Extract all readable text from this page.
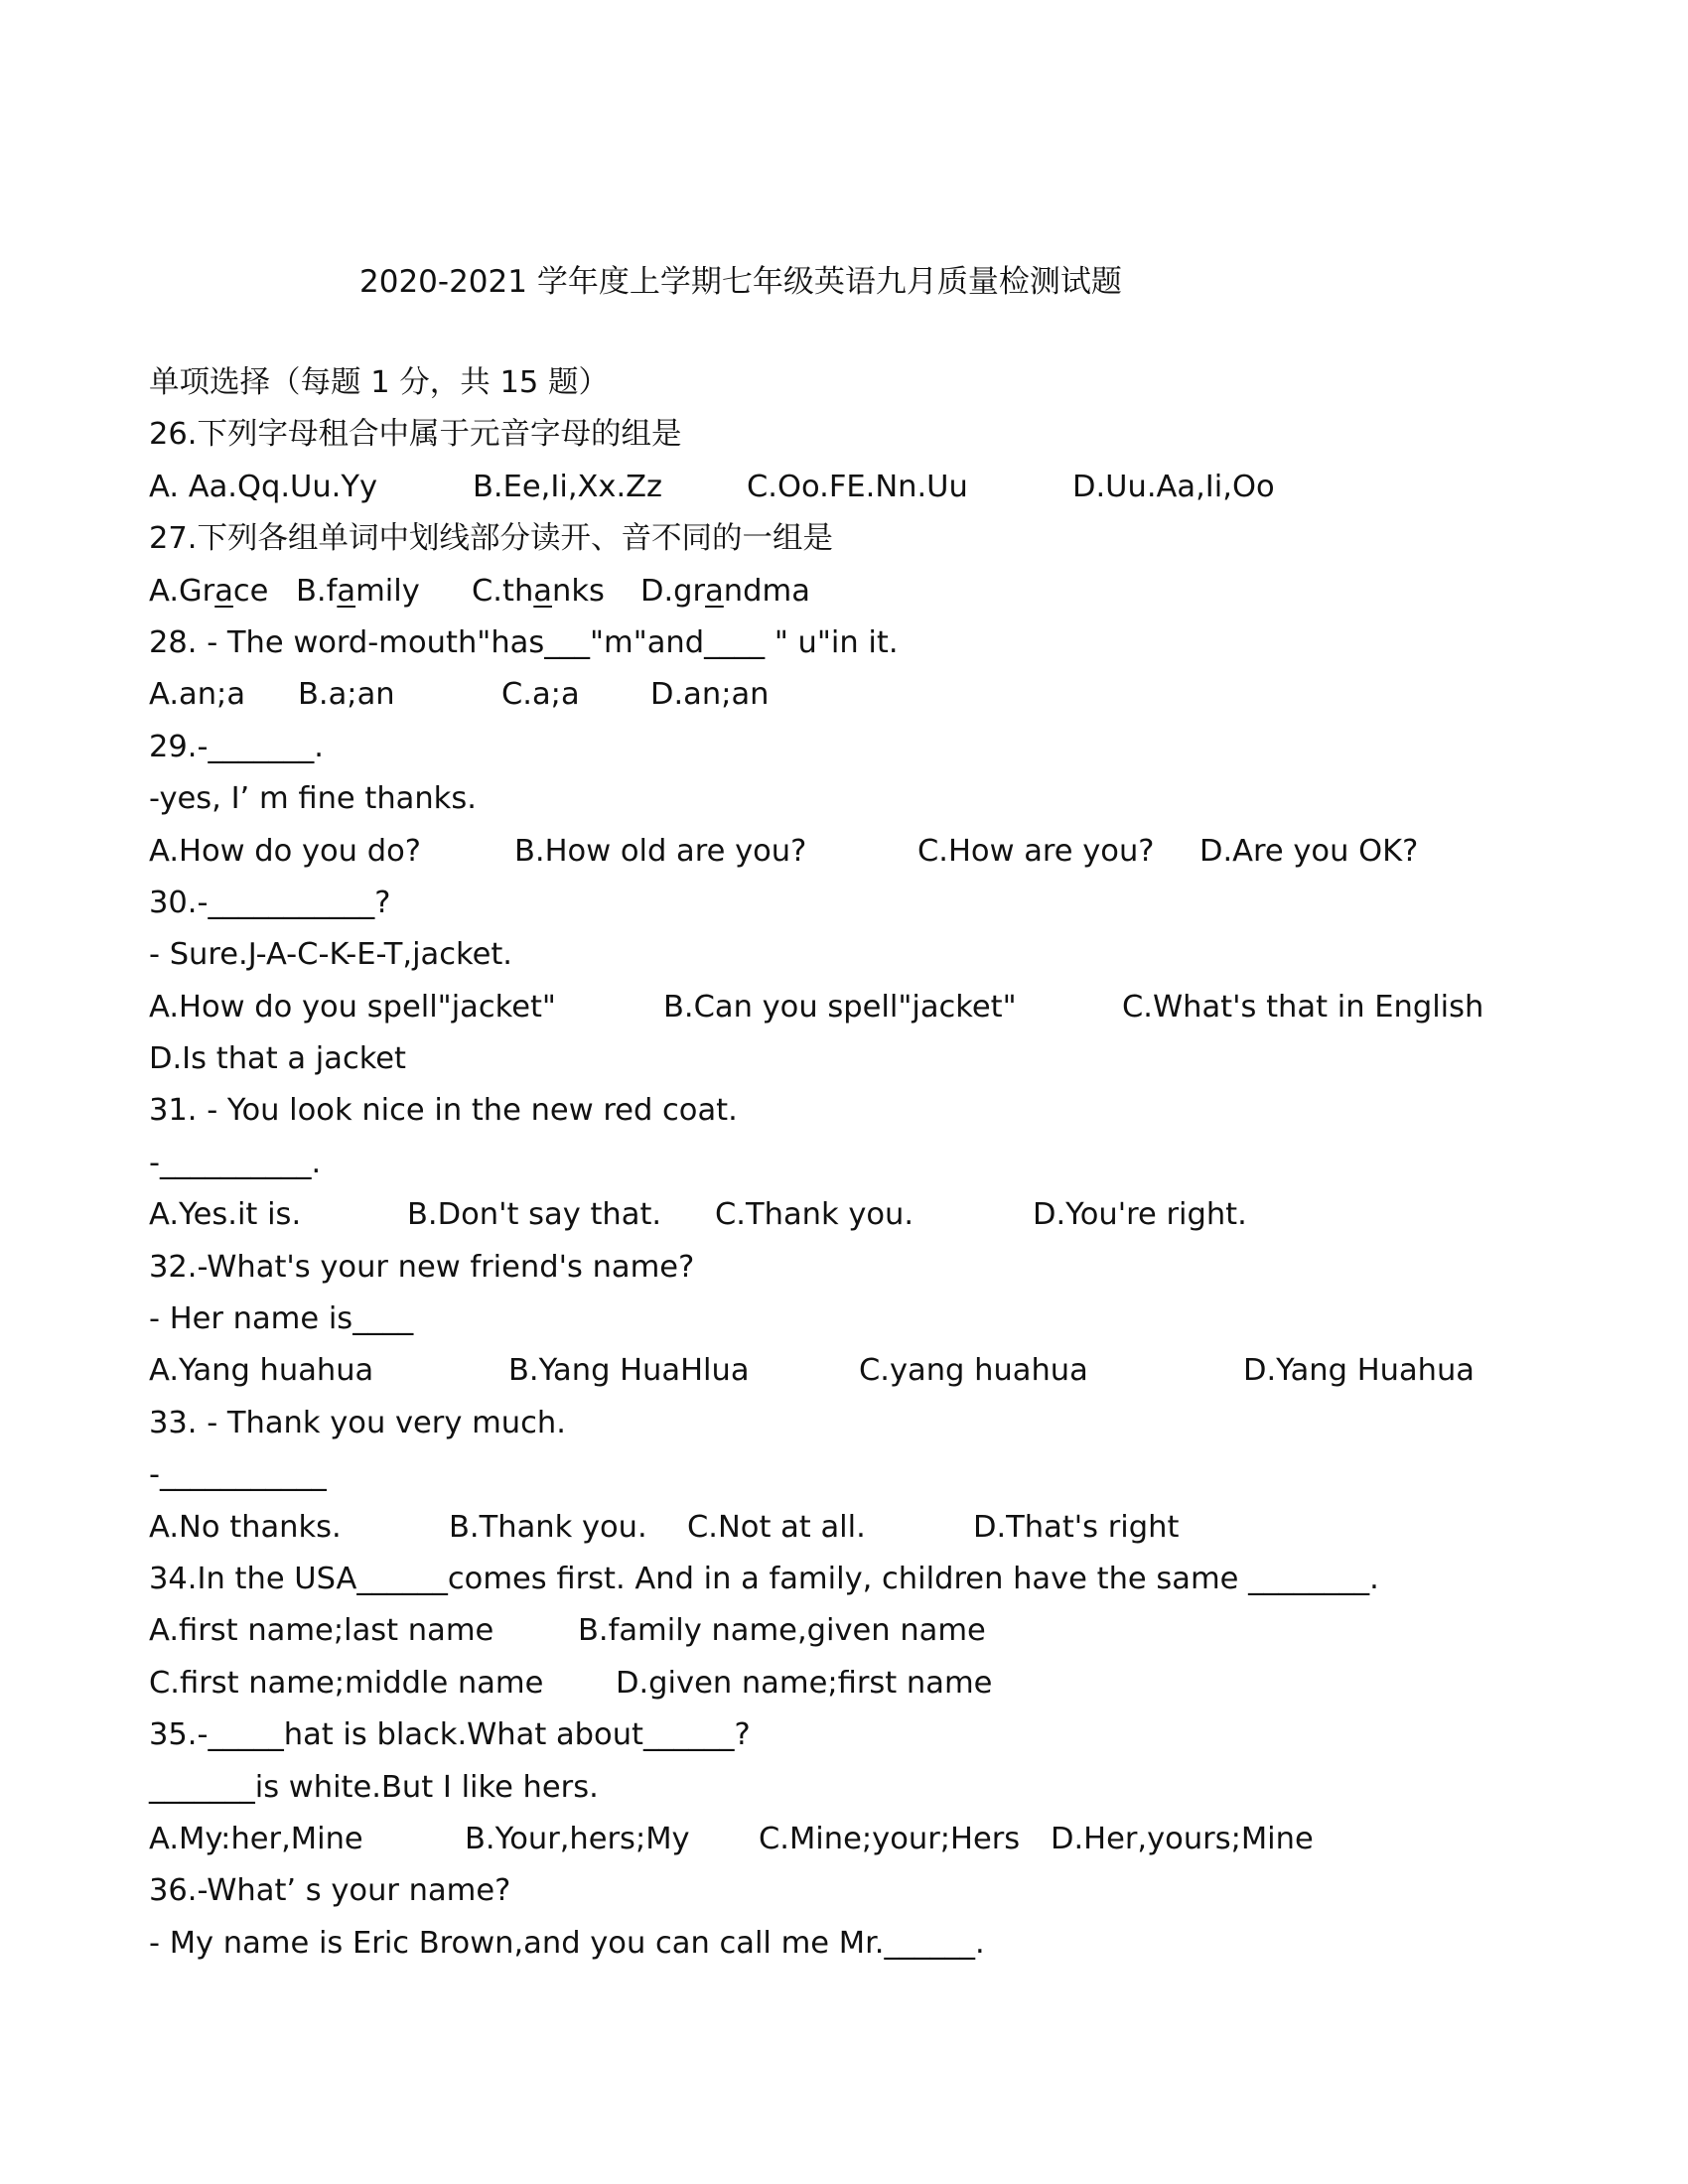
2020-2021 学年度上学期七年级英语九月质量检测试题
单项选择（每题 1 分，共 15 题）
26.下列字母租合中属于元音字母的组是
A. Aa.Qq.Uu.Yy	B.Ee,Ii,Xx.Zz	C.Oo.FE.Nn.Uu	D.Uu.Aa,Ii,Oo
27.下列各组单词中划线部分读开、音不同的一组是
A.Grace B.family C.thanks D.grandma
28. - The word-mouth"has___"m"and____ " u"in it.
A.an;a B.a;an	C.a;a D.an;an
29.-_______.
-yes, I’ m fine thanks.
A.How do you do?	B.How old are you?	C.How are you? D.Are you OK?
30.-___________?
- Sure.J-A-C-K-E-T,jacket.
A.How do you spell"jacket"	B.Can you spell"jacket"	C.What's that in English
D.Is that a jacket
31. - You look nice in the new red coat.
-__________.
A.Yes.it is.	B.Don't say that. C.Thank you.	D.You're right.
32.-What's your new friend's name?
- Her name is____
A.Yang huahua	B.Yang HuaHlua	C.yang huahua	D.Yang Huahua
33. - Thank you very much.
-___________
A.No thanks.	B.Thank you. C.Not at all.	D.That's right
34.In the USA______comes first. And in a family, children have the same ________.
A.first name;last name	B.family name,given name
C.first name;middle name D.given name;first name
35.-_____hat is black.What about______?
_______is white.But I like hers.
A.My:her,Mine	B.Your,hers;My C.Mine;your;Hers D.Her,yours;Mine
36.-What’ s your name?
- My name is Eric Brown,and you can call me Mr.______.
